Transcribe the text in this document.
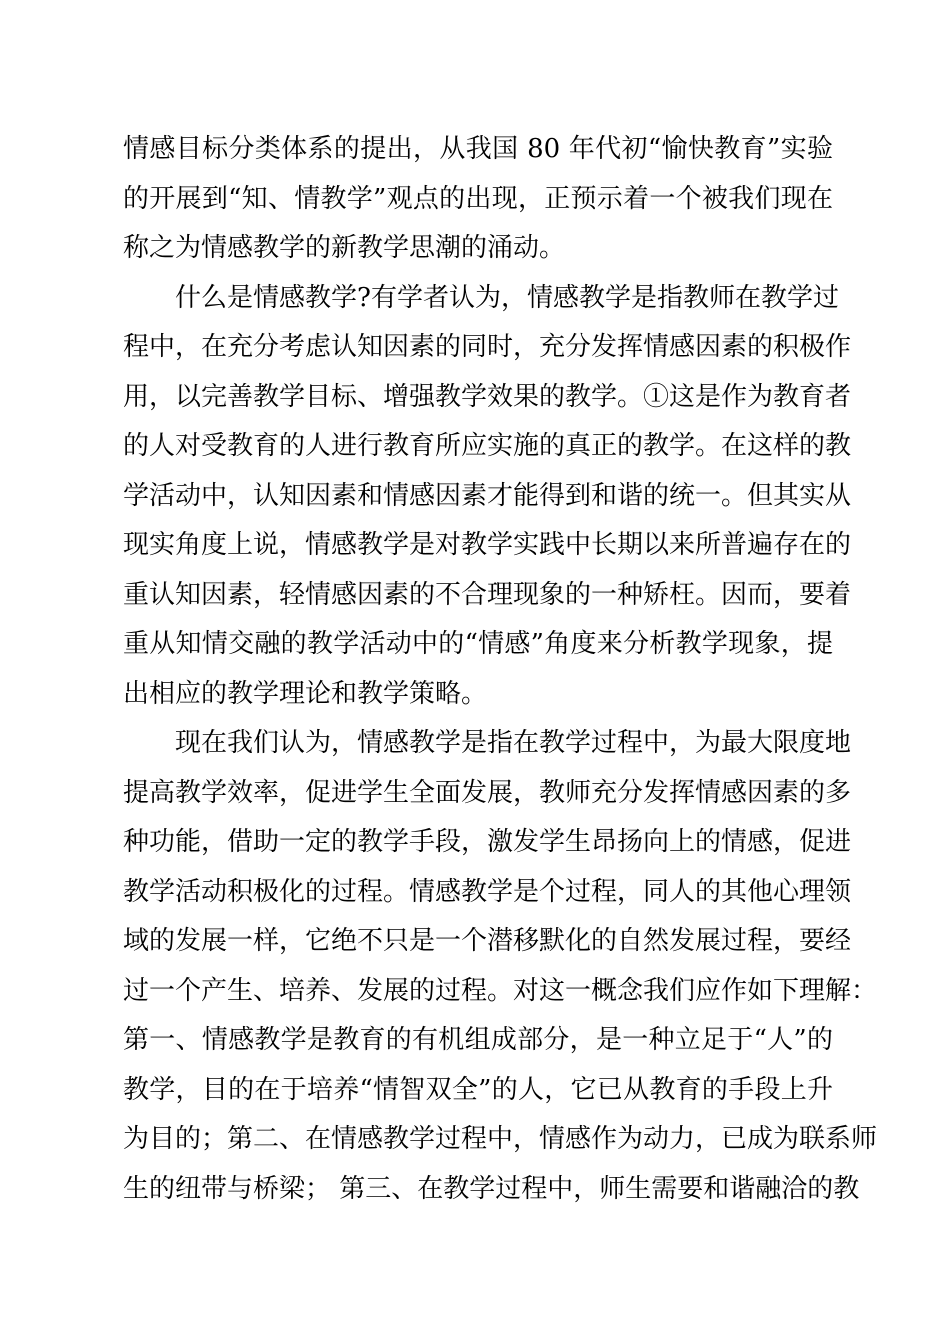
情感目标分类体系的提出，从我国 80 年代初“愉快教育”实验
的开展到“知、情教学”观点的出现，正预示着一个被我们现在
称之为情感教学的新教学思潮的涌动。
什么是情感教学?有学者认为，情感教学是指教师在教学过
程中，在充分考虑认知因素的同时，充分发挥情感因素的积极作
用，以完善教学目标、增强教学效果的教学。①这是作为教育者
的人对受教育的人进行教育所应实施的真正的教学。在这样的教
学活动中，认知因素和情感因素才能得到和谐的统一。但其实从
现实角度上说，情感教学是对教学实践中长期以来所普遍存在的
重认知因素，轻情感因素的不合理现象的一种矫枉。因而，要着
重从知情交融的教学活动中的“情感”角度来分析教学现象，提
出相应的教学理论和教学策略。
现在我们认为，情感教学是指在教学过程中，为最大限度地
提高教学效率，促进学生全面发展，教师充分发挥情感因素的多
种功能，借助一定的教学手段，激发学生昂扬向上的情感，促进
教学活动积极化的过程。情感教学是个过程，同人的其他心理领
域的发展一样，它绝不只是一个潜移默化的自然发展过程，要经
过一个产生、培养、发展的过程。对这一概念我们应作如下理解：
第一、情感教学是教育的有机组成部分，是一种立足于“人”的
教学，目的在于培养“情智双全”的人，它已从教育的手段上升
为目的；第二、在情感教学过程中，情感作为动力，已成为联系师
生的纽带与桥梁； 第三、在教学过程中，师生需要和谐融洽的教
